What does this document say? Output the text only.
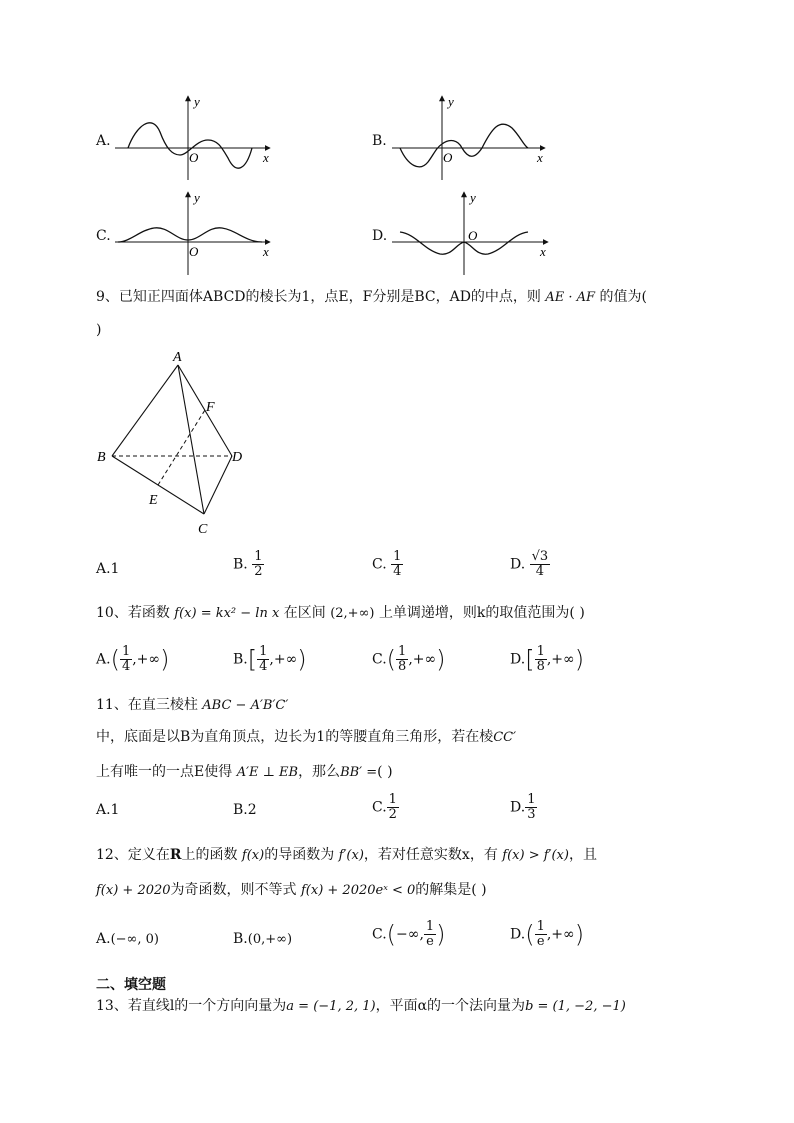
A.	B.
C.	D.
x
y
O	x
y
O
x
y
O	x
y
O
9、已知正四面体ABCD的棱长为1，点E，F分别是BC，AD的中点，则 AE · AF 的值为(
)
A
B
C
D
E
F
A.1	B. $\frac{1}{2}$	C. $\frac{1}{4}$	D. $\frac{√3}{4}$
10、若函数 f(x) = kx² − ln x 在区间 (2,+∞) 上单调递增，则k的取值范围为( )
$A.( \frac{1}{4}$ ,+∞)	$B.[ \frac{1}{4}$ ,+∞)	$C.( \frac{1}{8}$ ,+∞)	$D.[ \frac{1}{8}$ ,+∞)
11、在直三棱柱 ABC − A′B′C′
中，底面是以B为直角顶点，边长为1的等腰直角三角形，若在棱CC′
上有唯一的一点E使得 A′E ⊥ EB，那么BB′ =( )
A.1	B.2	C. $\frac{1}{2}$	D. $\frac{1}{3}$
12、定义在R上的函数 f(x)的导函数为 f′(x)，若对任意实数x，有 f(x) > f′(x)，且
f(x) + 2020为奇函数，则不等式 f(x) + 2020eˣ < 0的解集是( )
A.(−∞, 0)	B.(0,+∞)	C.(−∞, $\frac{1}{e}$ )	$D.( \frac{1}{e}$ ,+∞)
二、填空题
13、若直线l的一个方向向量为a = (−1, 2, 1)，平面α的一个法向量为b = (1, −2, −1)
